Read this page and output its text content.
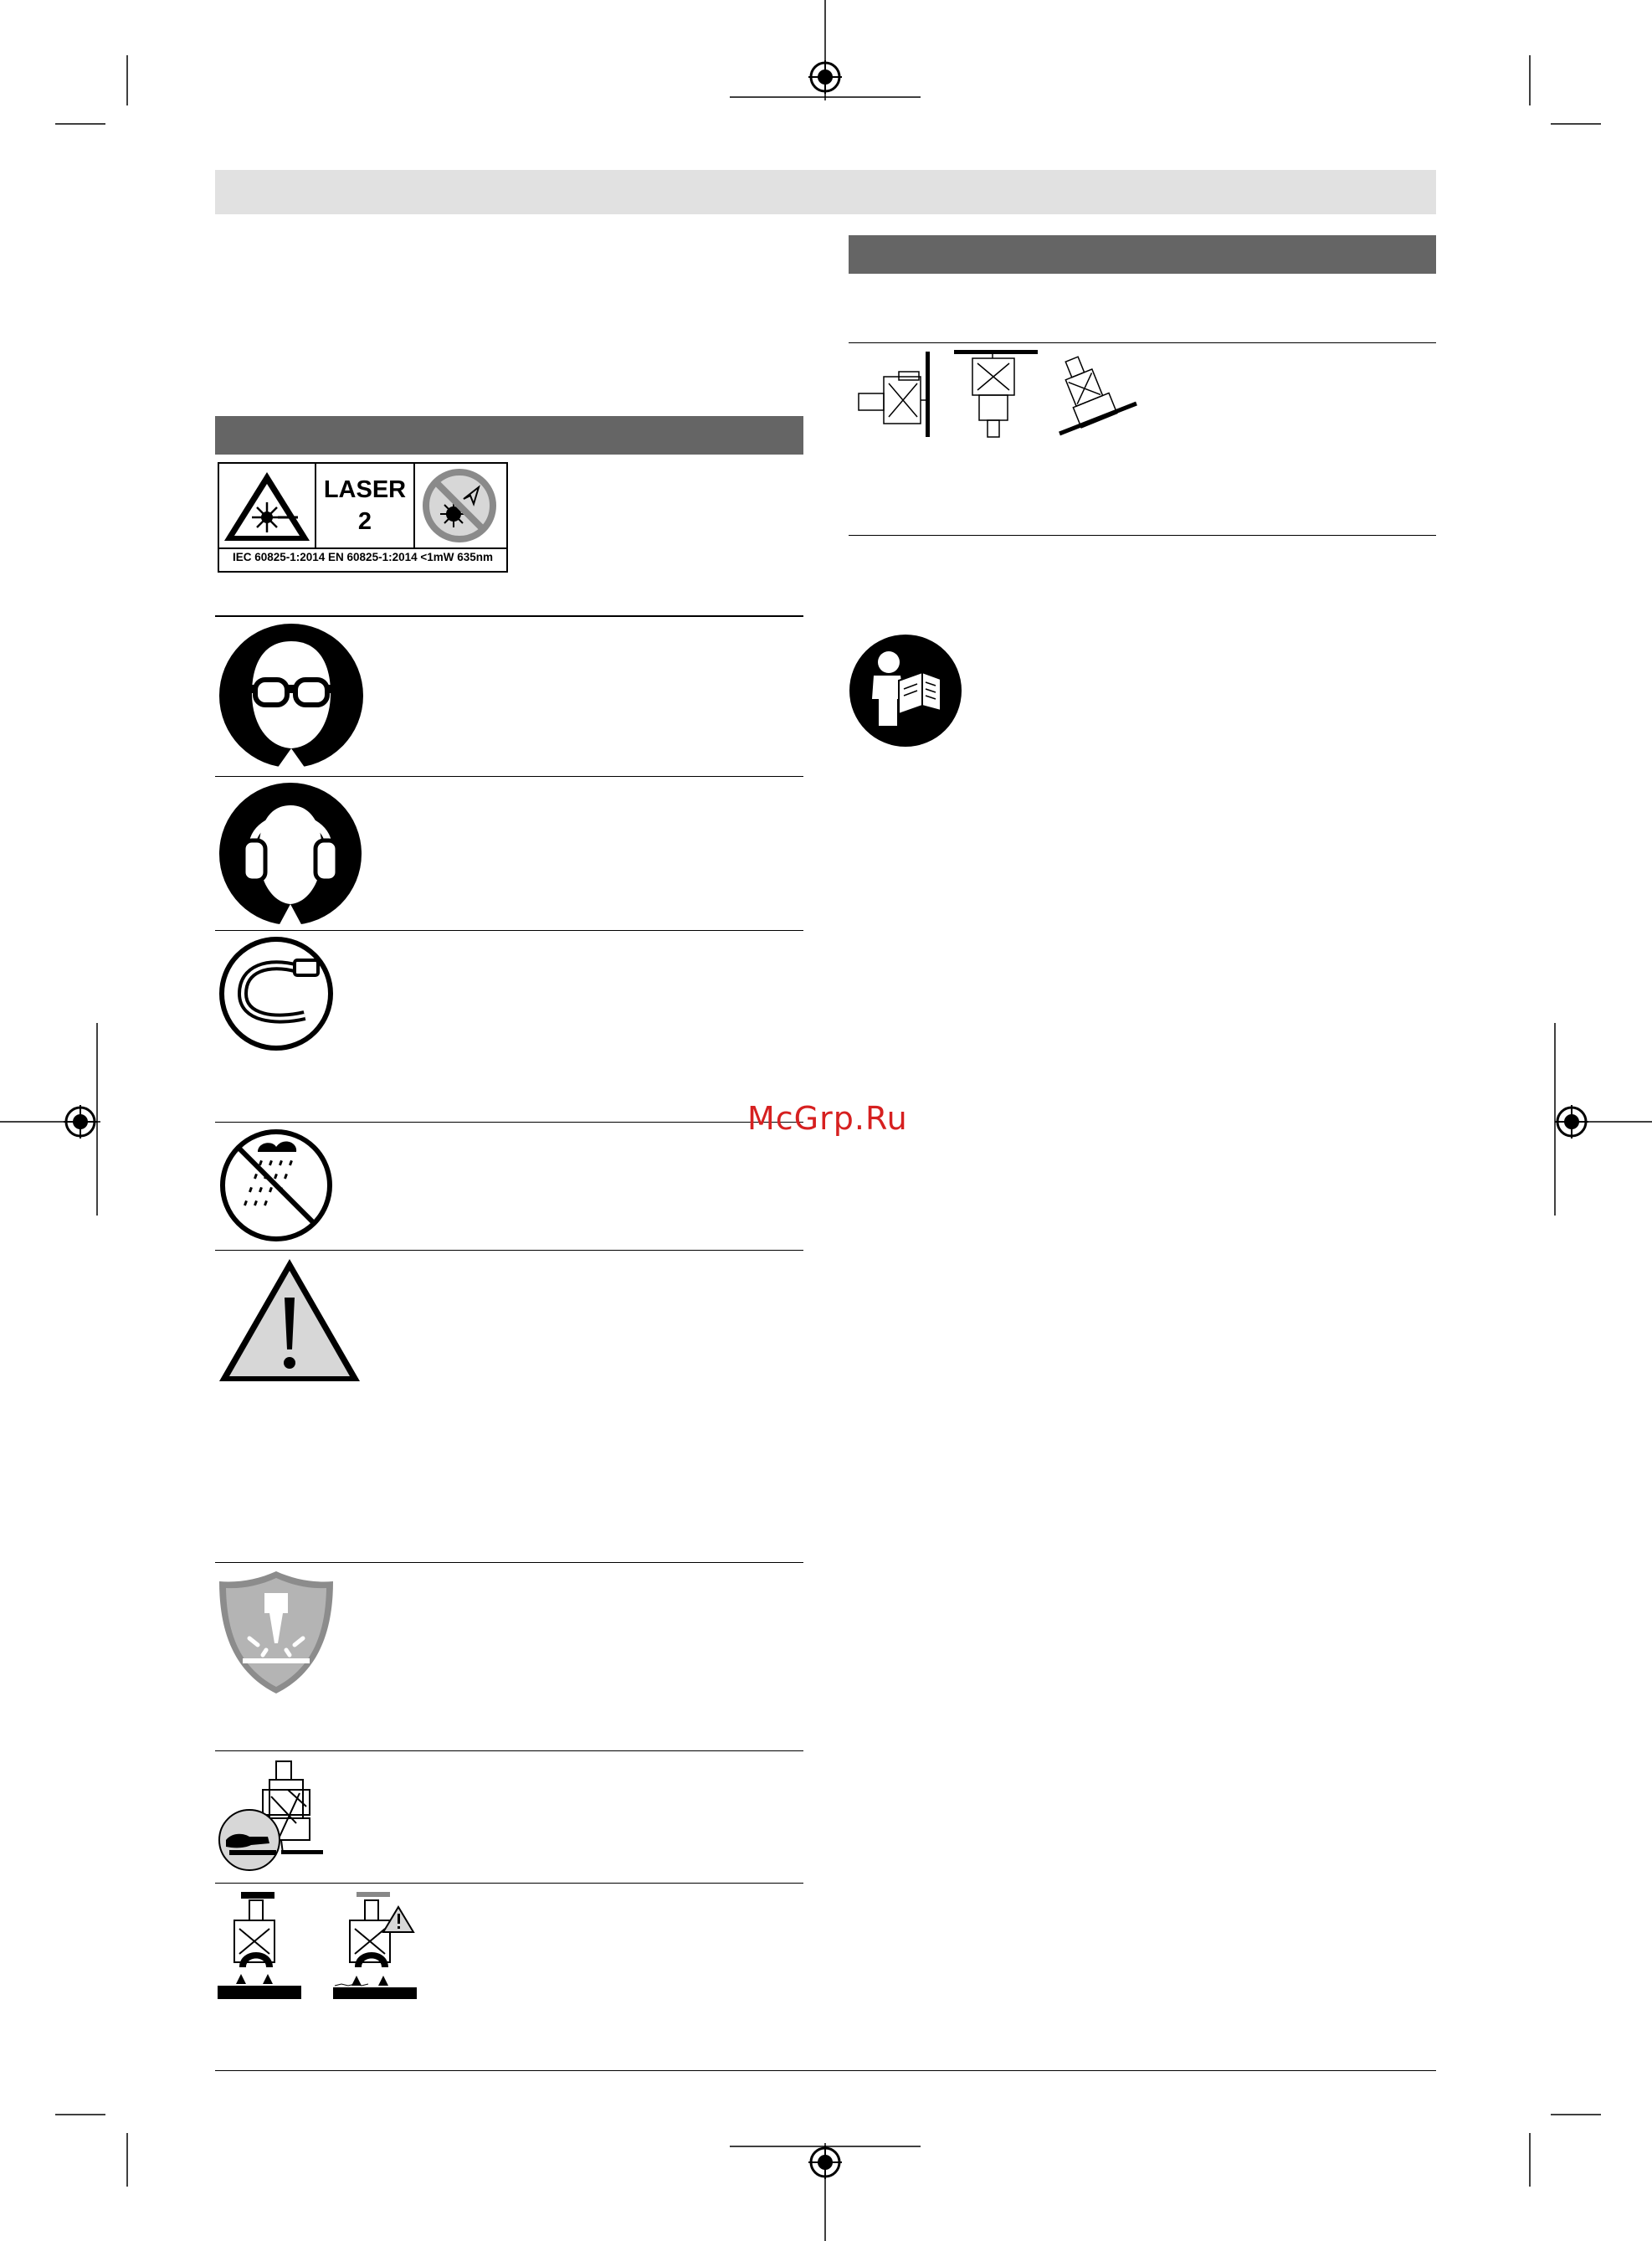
LASER
2
IEC 60825-1:2014 EN 60825-1:2014 <1mW 635nm
McGrp.Ru
